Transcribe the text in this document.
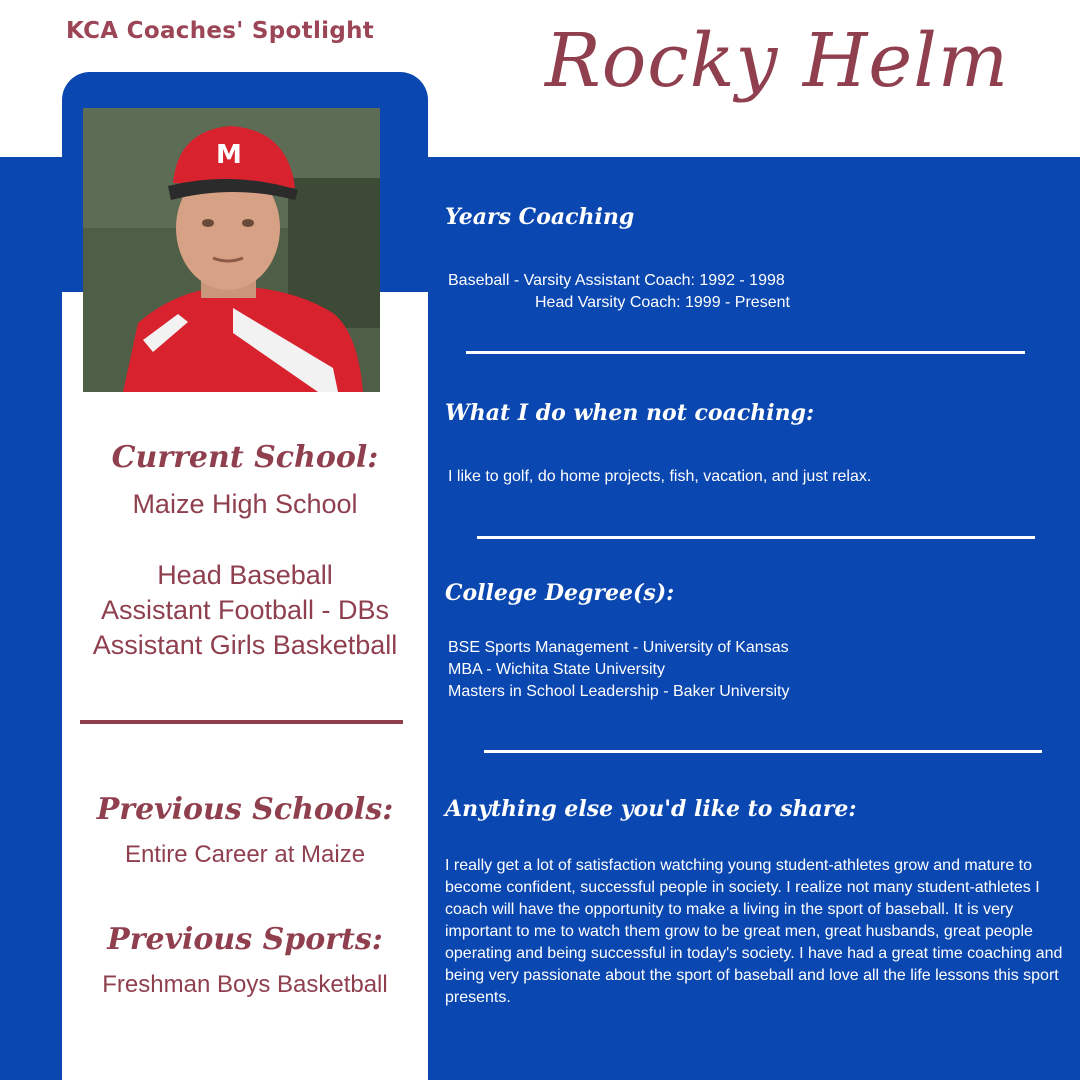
KCA Coaches' Spotlight	Rocky Helm
M
Current School:
Maize High School
Head Baseball
Assistant Football - DBs
Assistant Girls Basketball
Previous Schools:
Entire Career at Maize
Previous Sports:
Freshman Boys Basketball
Years Coaching
Baseball - Varsity Assistant Coach: 1992 - 1998
Head Varsity Coach: 1999 - Present
What I do when not coaching:
I like to golf, do home projects, fish, vacation, and just relax.
College Degree(s):
BSE Sports Management - University of Kansas
MBA - Wichita State University
Masters in School Leadership - Baker University
Anything else you'd like to share:
I really get a lot of satisfaction watching young student-athletes grow and mature to become confident, successful people in society. I realize not many student-athletes I coach will have the opportunity to make a living in the sport of baseball. It is very important to me to watch them grow to be great men, great husbands, great people operating and being successful in today's society. I have had a great time coaching and being very passionate about the sport of baseball and love all the life lessons this sport presents.
